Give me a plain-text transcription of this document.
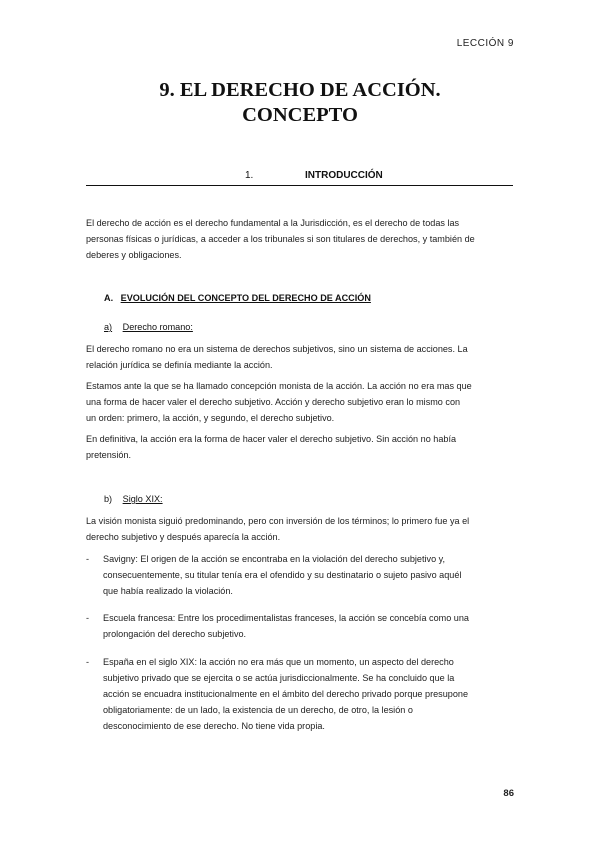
LECCIÓN 9
9. EL DERECHO DE ACCIÓN.
CONCEPTO
1.	INTRODUCCIÓN
El derecho de acción es el derecho fundamental a la Jurisdicción, es el derecho de todas las
personas físicas o jurídicas, a acceder a los tribunales si son titulares de derechos, y también de
deberes y obligaciones.
A. EVOLUCIÓN DEL CONCEPTO DEL DERECHO DE ACCIÓN
a) Derecho romano:
El derecho romano no era un sistema de derechos subjetivos, sino un sistema de acciones. La
relación jurídica se definía mediante la acción.
Estamos ante la que se ha llamado concepción monista de la acción. La acción no era mas que
una forma de hacer valer el derecho subjetivo. Acción y derecho subjetivo eran lo mismo con
un orden: primero, la acción, y segundo, el derecho subjetivo.
En definitiva, la acción era la forma de hacer valer el derecho subjetivo. Sin acción no había
pretensión.
b) Siglo XIX:
La visión monista siguió predominando, pero con inversión de los términos; lo primero fue ya el
derecho subjetivo y después aparecía la acción.
- Savigny: El origen de la acción se encontraba en la violación del derecho subjetivo y,
consecuentemente, su titular tenía era el ofendido y su destinatario o sujeto pasivo aquél
que había realizado la violación.
- Escuela francesa: Entre los procedimentalistas franceses, la acción se concebía como una
prolongación del derecho subjetivo.
- España en el siglo XIX: la acción no era más que un momento, un aspecto del derecho
subjetivo privado que se ejercita o se actúa jurisdiccionalmente. Se ha concluido que la
acción se encuadra institucionalmente en el ámbito del derecho privado porque presupone
obligatoriamente: de un lado, la existencia de un derecho, de otro, la lesión o
desconocimiento de ese derecho. No tiene vida propia.
86
